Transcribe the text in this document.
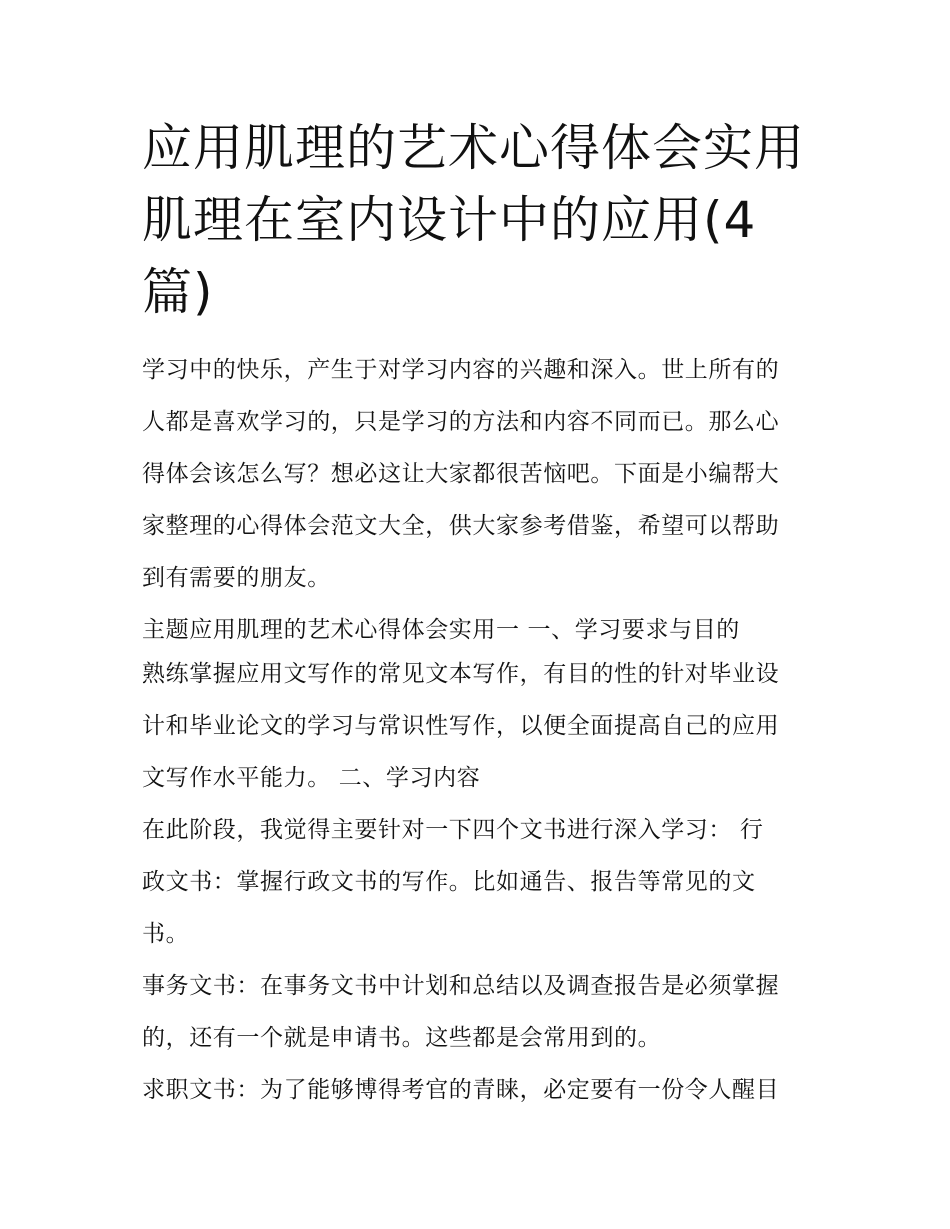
应用肌理的艺术心得体会实用
肌理在室内设计中的应用(4
篇)
学习中的快乐，产生于对学习内容的兴趣和深入。世上所有的
人都是喜欢学习的，只是学习的方法和内容不同而已。那么心
得体会该怎么写？想必这让大家都很苦恼吧。下面是小编帮大
家整理的心得体会范文大全，供大家参考借鉴，希望可以帮助
到有需要的朋友。
主题应用肌理的艺术心得体会实用一 一、学习要求与目的
熟练掌握应用文写作的常见文本写作，有目的性的针对毕业设
计和毕业论文的学习与常识性写作，以便全面提高自己的应用
文写作水平能力。 二、学习内容
在此阶段，我觉得主要针对一下四个文书进行深入学习： 行
政文书：掌握行政文书的写作。比如通告、报告等常见的文
书。
事务文书：在事务文书中计划和总结以及调查报告是必须掌握
的，还有一个就是申请书。这些都是会常用到的。
求职文书：为了能够博得考官的青睐，必定要有一份令人醒目
